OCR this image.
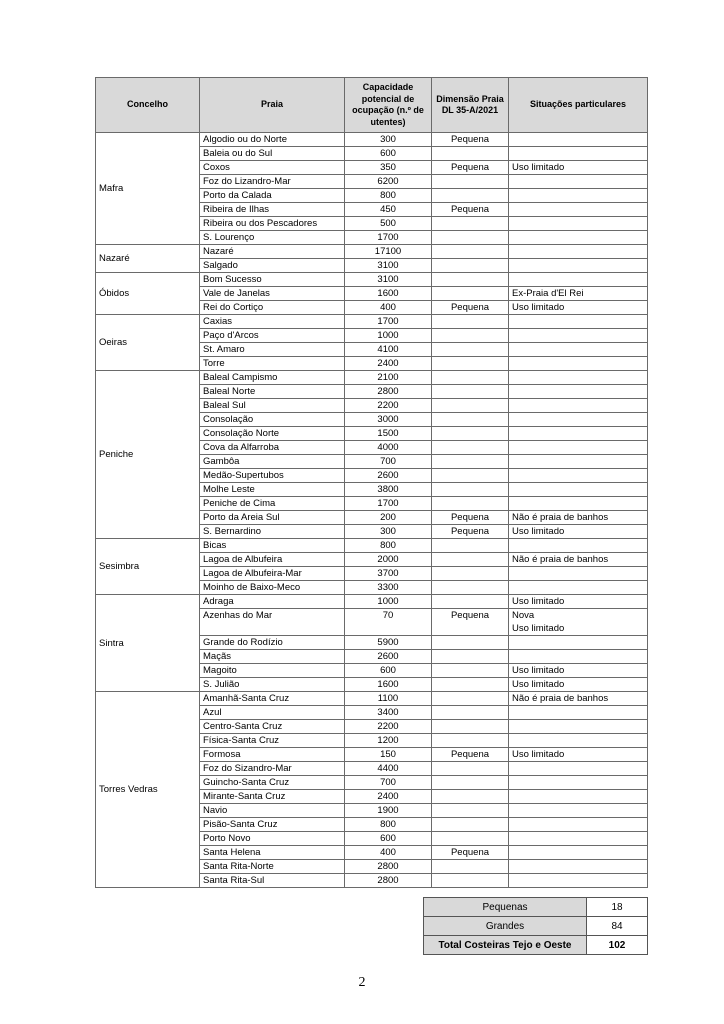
Concelho	Praia	Capacidade potencial de ocupação (n.º de utentes)	Dimensão Praia DL 35-A/2021	Situações particulares
Mafra	Algodio ou do Norte	300	Pequena	
	Baleia ou do Sul	600		
	Coxos	350	Pequena	Uso limitado

	Foz do Lizandro-Mar	6200		
	Porto da Calada	800		
	Ribeira de Ilhas	450	Pequena	
	Ribeira ou dos Pescadores	500		
	S. Lourenço	1700		
Nazaré	Nazaré	17100		
	Salgado	3100		
Óbidos	Bom Sucesso	3100		
	Vale de Janelas	1600		Ex-Praia d'El Rei

	Rei do Cortiço	400	Pequena	Uso limitado

Oeiras	Caxias	1700		
	Paço d'Arcos	1000		
	St. Amaro	4100		
	Torre	2400		
Peniche	Baleal Campismo	2100		
	Baleal Norte	2800		
	Baleal Sul	2200		
	Consolação	3000		
	Consolação Norte	1500		
	Cova da Alfarroba	4000		
	Gambôa	700		
	Medão-Supertubos	2600		
	Molhe Leste	3800		
	Peniche de Cima	1700		
	Porto da Areia Sul	200	Pequena	Não é praia de banhos

	S. Bernardino	300	Pequena	Uso limitado

Sesimbra	Bicas	800		
	Lagoa de Albufeira	2000		Não é praia de banhos

	Lagoa de Albufeira-Mar	3700		
	Moinho de Baixo-Meco	3300		
Sintra	Adraga	1000		Uso limitado

	Azenhas do Mar	70	Pequena	Nova
Uso limitado

	Grande do Rodízio	5900		
	Maçãs	2600		
	Magoito	600		Uso limitado

	S. Julião	1600		Uso limitado

Torres Vedras	Amanhã-Santa Cruz	1100		Não é praia de banhos

	Azul	3400		
	Centro-Santa Cruz	2200		
	Física-Santa Cruz	1200		
	Formosa	150	Pequena	Uso limitado

	Foz do Sizandro-Mar	4400		
	Guincho-Santa Cruz	700		
	Mirante-Santa Cruz	2400		
	Navio	1900		
	Pisão-Santa Cruz	800		
	Porto Novo	600		
	Santa Helena	400	Pequena	
	Santa Rita-Norte	2800		
	Santa Rita-Sul	2800		
Pequenas	18
Grandes	84
Total Costeiras Tejo e Oeste	102
2
